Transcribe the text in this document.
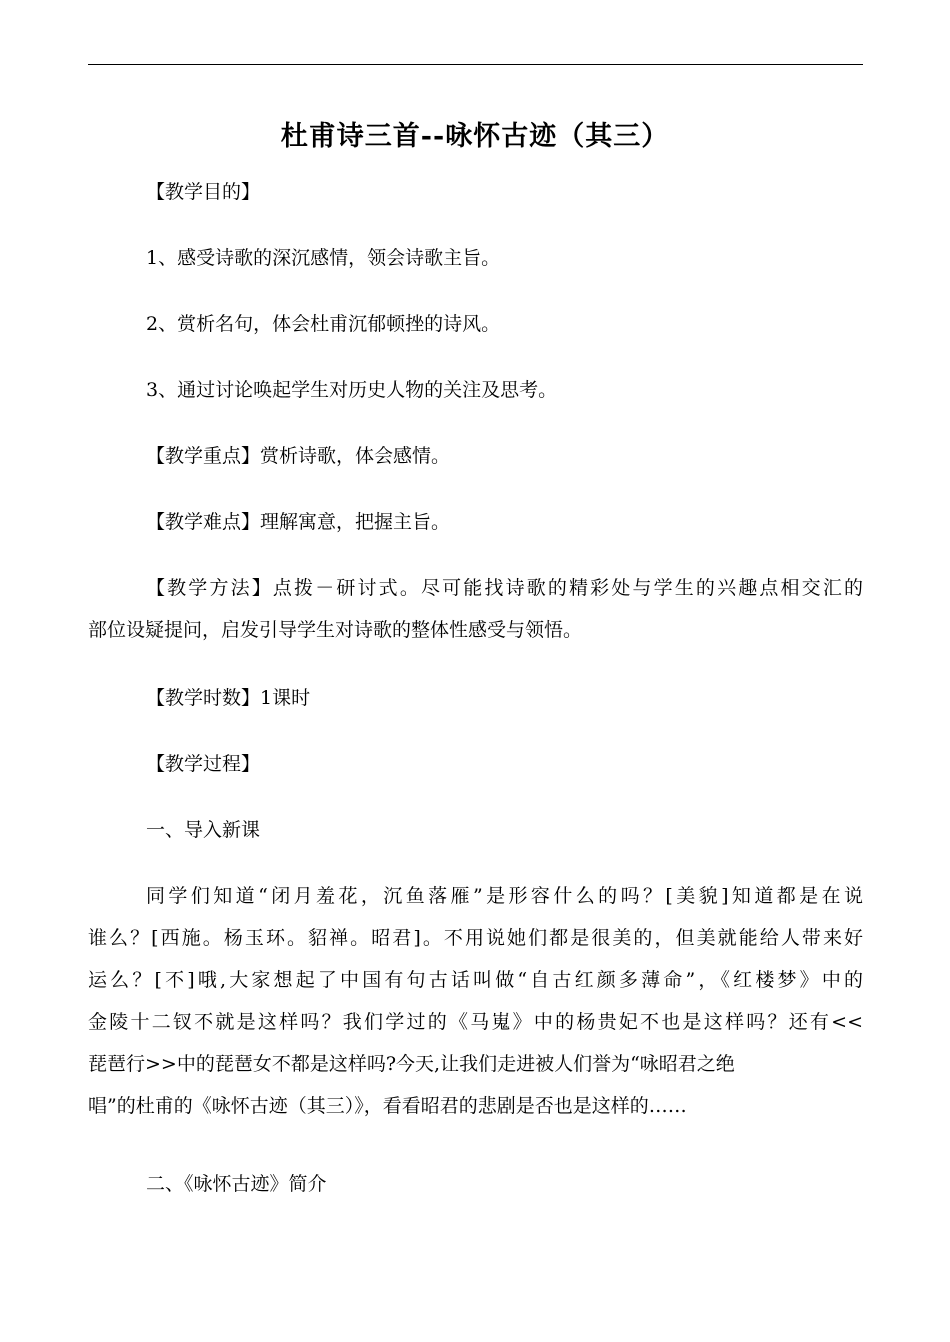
杜甫诗三首--咏怀古迹（其三）
【教学目的】
1、感受诗歌的深沉感情，领会诗歌主旨。
2、赏析名句，体会杜甫沉郁顿挫的诗风。
3、通过讨论唤起学生对历史人物的关注及思考。
【教学重点】赏析诗歌，体会感情。
【教学难点】理解寓意，把握主旨。
【教学方法】点拨－研讨式。尽可能找诗歌的精彩处与学生的兴趣点相交汇的
部位设疑提问，启发引导学生对诗歌的整体性感受与领悟。
【教学时数】1课时
【教学过程】
一、导入新课
同学们知道“闭月羞花，沉鱼落雁”是形容什么的吗？[美貌]知道都是在说
谁么？[西施。杨玉环。貂禅。昭君]。不用说她们都是很美的，但美就能给人带来好
运么？[不]哦,大家想起了中国有句古话叫做“自古红颜多薄命”，《红楼梦》中的
金陵十二钗不就是这样吗？我们学过的《马嵬》中的杨贵妃不也是这样吗？还有<<
琵琶行>>中的琵琶女不都是这样吗?今天,让我们走进被人们誉为“咏昭君之绝
唱”的杜甫的《咏怀古迹（其三）》，看看昭君的悲剧是否也是这样的……
二、《咏怀古迹》简介
